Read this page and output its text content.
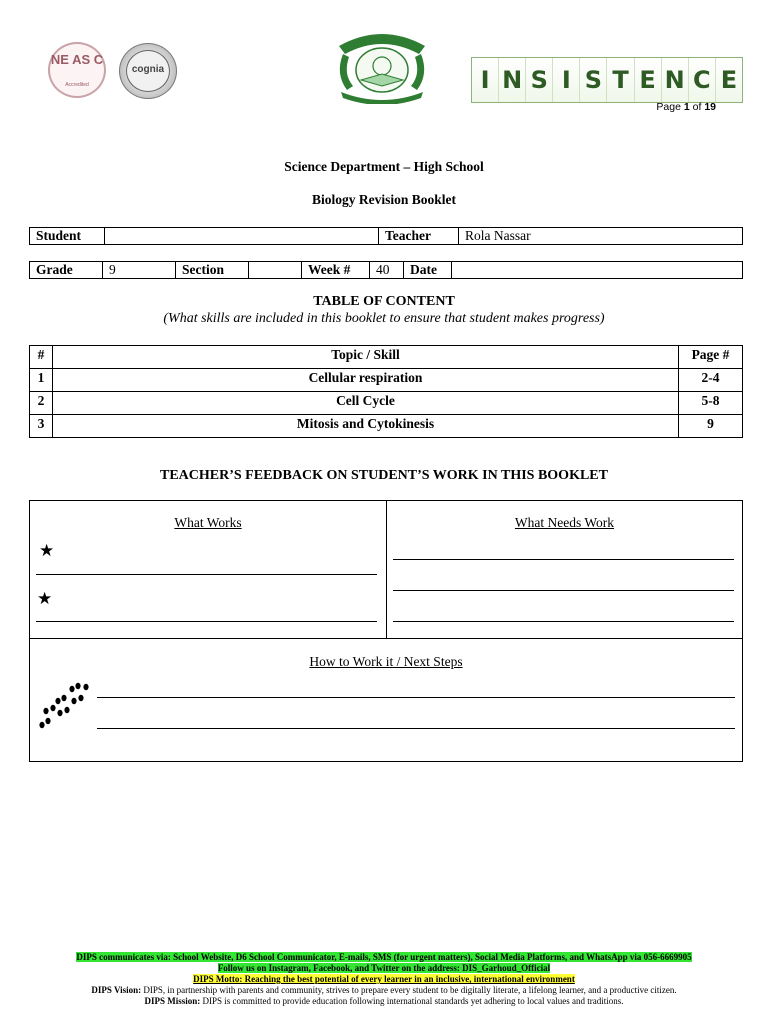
NE AS C
Accredited
cognia	I N S I S T E N C E
Page 1 of 19
Science Department – High School
Biology Revision Booklet
Student		Teacher	Rola Nassar
Grade	9	Section		Week #	40	Date	
TABLE OF CONTENT
(What skills are included in this booklet to ensure that student makes progress)
#	Topic / Skill	Page #
1	Cellular respiration	2-4
2	Cell Cycle	5-8
3	Mitosis and Cytokinesis	9
TEACHER’S FEEDBACK ON STUDENT’S WORK IN THIS BOOKLET
What Works	What Needs Work
★
★
How to Work it / Next Steps
DIPS communicates via: School Website, D6 School Communicator, E-mails, SMS (for urgent matters), Social Media Platforms, and WhatsApp via 056-6669905
Follow us on Instagram, Facebook, and Twitter on the address: DIS_Garhoud_Official
DIPS Motto: Reaching the best potential of every learner in an inclusive, international environment
DIPS Vision: DIPS, in partnership with parents and community, strives to prepare every student to be digitally literate, a lifelong learner, and a productive citizen.
DIPS Mission: DIPS is committed to provide education following international standards yet adhering to local values and traditions.
